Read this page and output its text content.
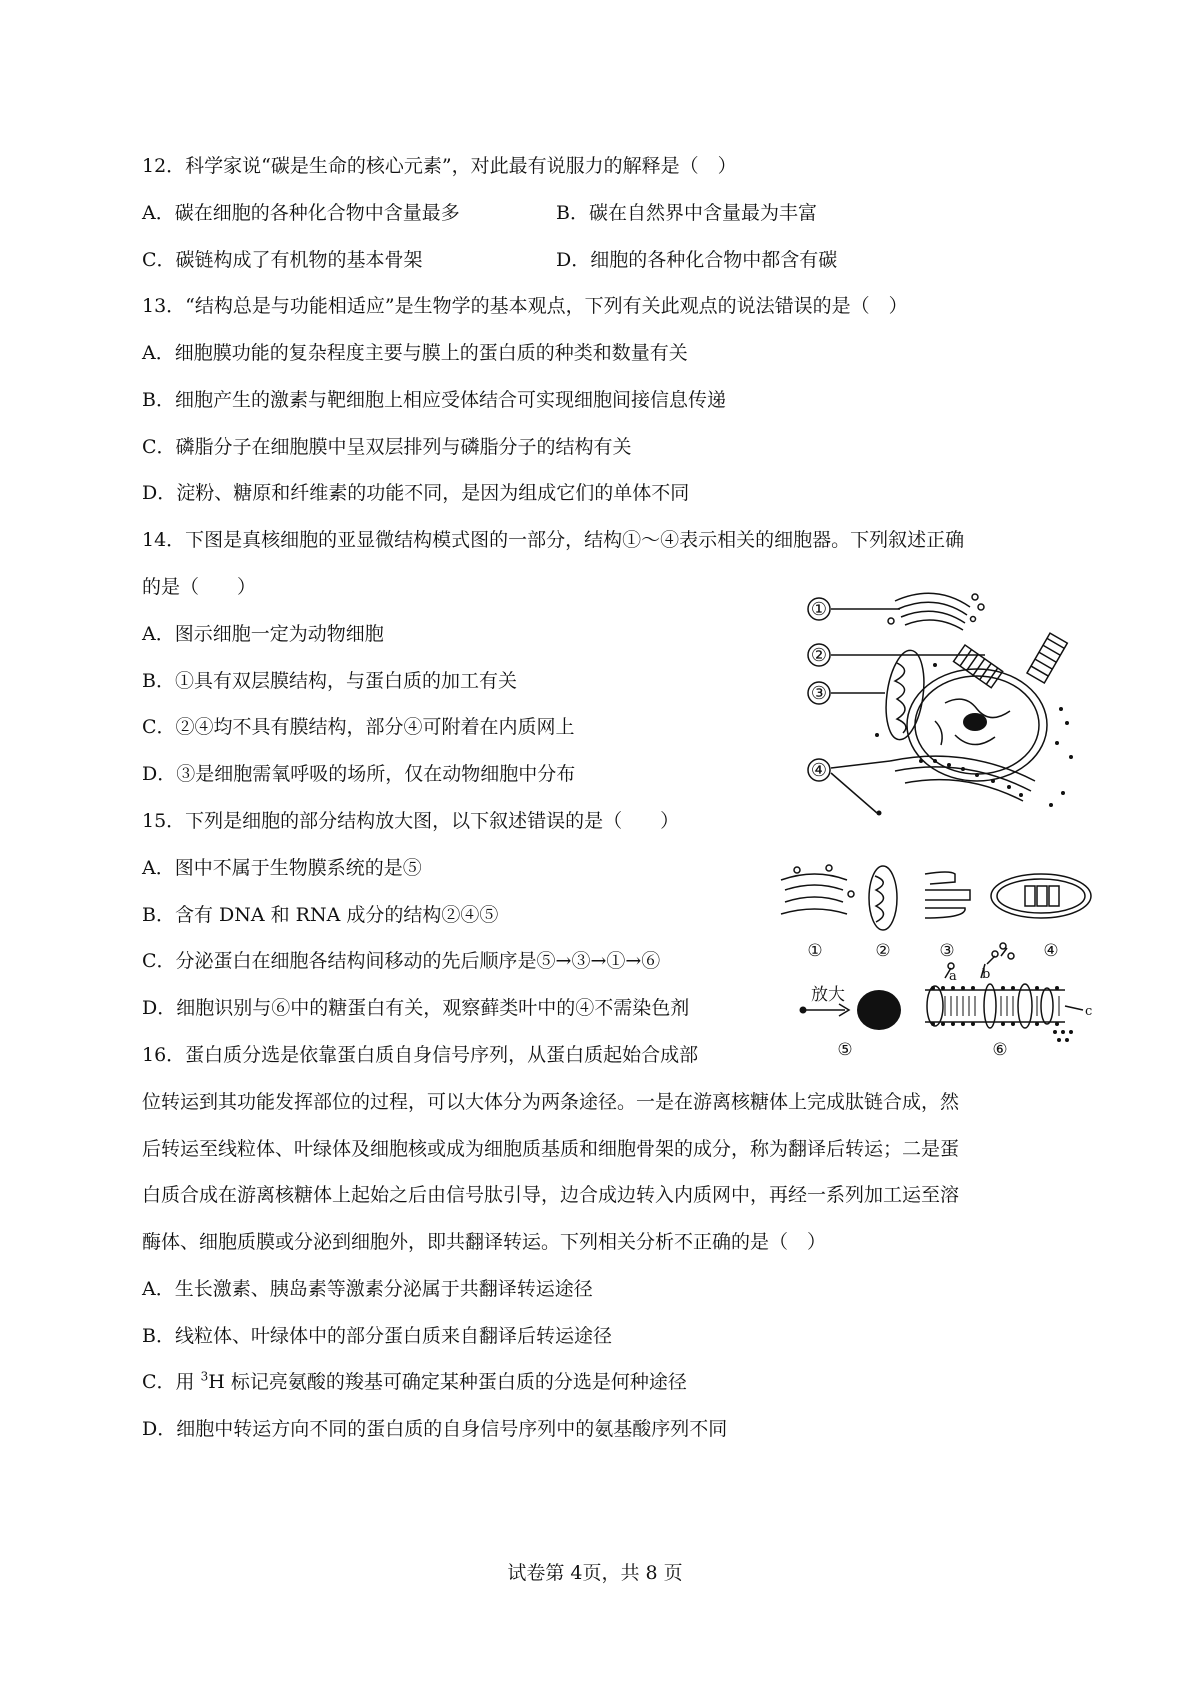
12．科学家说“碳是生命的核心元素”，对此最有说服力的解释是（　）
A．碳在细胞的各种化合物中含量最多	B．碳在自然界中含量最为丰富
C．碳链构成了有机物的基本骨架	D．细胞的各种化合物中都含有碳
13．“结构总是与功能相适应”是生物学的基本观点，下列有关此观点的说法错误的是（　）
A．细胞膜功能的复杂程度主要与膜上的蛋白质的种类和数量有关
B．细胞产生的激素与靶细胞上相应受体结合可实现细胞间接信息传递
C．磷脂分子在细胞膜中呈双层排列与磷脂分子的结构有关
D．淀粉、糖原和纤维素的功能不同，是因为组成它们的单体不同
14．下图是真核细胞的亚显微结构模式图的一部分，结构①～④表示相关的细胞器。下列叙述正确
的是（　　）
A．图示细胞一定为动物细胞
B．①具有双层膜结构，与蛋白质的加工有关
C．②④均不具有膜结构，部分④可附着在内质网上
D．③是细胞需氧呼吸的场所，仅在动物细胞中分布
①
②
③
④
15．下列是细胞的部分结构放大图，以下叙述错误的是（　　）
A．图中不属于生物膜系统的是⑤
B．含有 DNA 和 RNA 成分的结构②④⑤
C．分泌蛋白在细胞各结构间移动的先后顺序是⑤→③→①→⑥
D．细胞识别与⑥中的糖蛋白有关，观察藓类叶中的④不需染色剂
①	②	③	④
放大
⑤	⑥
a b
c
16．蛋白质分选是依靠蛋白质自身信号序列，从蛋白质起始合成部
位转运到其功能发挥部位的过程，可以大体分为两条途径。一是在游离核糖体上完成肽链合成，然
后转运至线粒体、叶绿体及细胞核或成为细胞质基质和细胞骨架的成分，称为翻译后转运；二是蛋
白质合成在游离核糖体上起始之后由信号肽引导，边合成边转入内质网中，再经一系列加工运至溶
酶体、细胞质膜或分泌到细胞外，即共翻译转运。下列相关分析不正确的是（　）
A．生长激素、胰岛素等激素分泌属于共翻译转运途径
B．线粒体、叶绿体中的部分蛋白质来自翻译后转运途径
C．用 $^3$H 标记亮氨酸的羧基可确定某种蛋白质的分选是何种途径
D．细胞中转运方向不同的蛋白质的自身信号序列中的氨基酸序列不同
试卷第 4页，共 8 页
